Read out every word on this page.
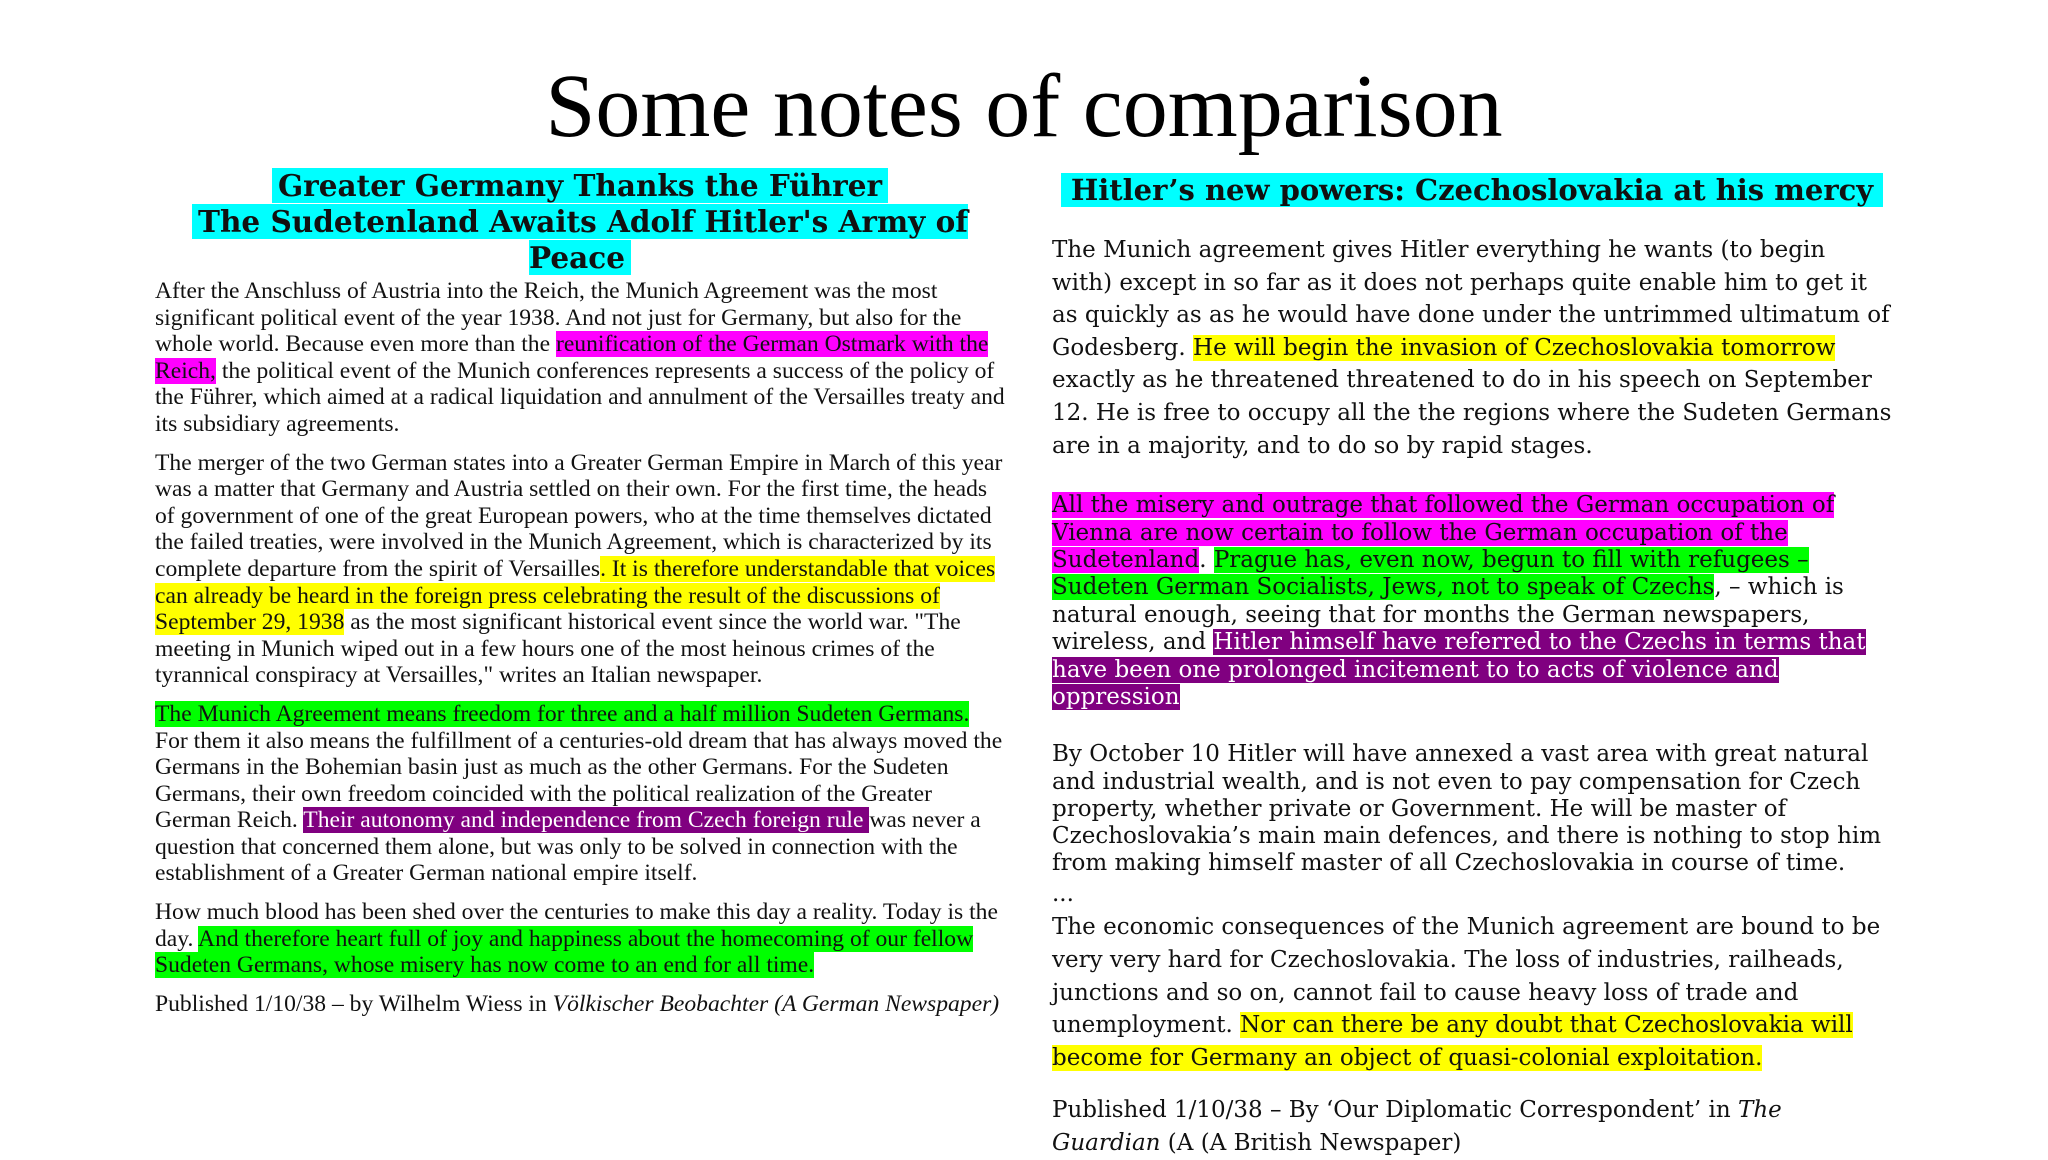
Some notes of comparison
Greater Germany Thanks the Führer
The Sudetenland Awaits Adolf Hitler's Army of Peace

After the Anschluss of Austria into the Reich, the Munich Agreement was the most significant political event of the year 1938. And not just for Germany, but also for the whole world. Because even more than the reunification of the German Ostmark with the Reich, the political event of the Munich conferences represents a success of the policy of the Führer, which aimed at a radical liquidation and annulment of the Versailles treaty and its subsidiary agreements.

The merger of the two German states into a Greater German Empire in March of this year was a matter that Germany and Austria settled on their own. For the first time, the heads of government of one of the great European powers, who at the time themselves dictated the failed treaties, were involved in the Munich Agreement, which is characterized by its complete departure from the spirit of Versailles. It is therefore understandable that voices can already be heard in the foreign press celebrating the result of the discussions of September 29, 1938 as the most significant historical event since the world war. "The meeting in Munich wiped out in a few hours one of the most heinous crimes of the tyrannical conspiracy at Versailles," writes an Italian newspaper.

The Munich Agreement means freedom for three and a half million Sudeten Germans. For them it also means the fulfillment of a centuries-old dream that has always moved the Germans in the Bohemian basin just as much as the other Germans. For the Sudeten Germans, their own freedom coincided with the political realization of the Greater German Reich. Their autonomy and independence from Czech foreign rule was never a question that concerned them alone, but was only to be solved in connection with the establishment of a Greater German national empire itself.

How much blood has been shed over the centuries to make this day a reality. Today is the day. And therefore heart full of joy and happiness about the homecoming of our fellow Sudeten Germans, whose misery has now come to an end for all time.

Published 1/10/38 – by Wilhelm Wiess in Völkischer Beobachter (A German Newspaper)

Hitler’s new powers: Czechoslovakia at his mercy

The Munich agreement gives Hitler everything he wants (to begin with) except in so far as it does not perhaps quite enable him to get it as quickly as as he would have done under the untrimmed ultimatum of Godesberg. He will begin the invasion of Czechoslovakia tomorrow exactly as he threatened threatened to do in his speech on September 12. He is free to occupy all the the regions where the Sudeten Germans are in a majority, and to do so by rapid stages.

All the misery and outrage that followed the German occupation of Vienna are now certain to follow the German occupation of the Sudetenland. Prague has, even now, begun to fill with refugees – Sudeten German Socialists, Jews, not to speak of Czechs, – which is natural enough, seeing that for months the German newspapers, wireless, and Hitler himself have referred to the Czechs in terms that have been one prolonged incitement to to acts of violence and oppression

By October 10 Hitler will have annexed a vast area with great natural and industrial wealth, and is not even to pay compensation for Czech property, whether private or Government. He will be master of Czechoslovakia’s main main defences, and there is nothing to stop him from making himself master of all Czechoslovakia in course of time.

...

The economic consequences of the Munich agreement are bound to be very very hard for Czechoslovakia. The loss of industries, railheads, junctions and so on, cannot fail to cause heavy loss of trade and unemployment. Nor can there be any doubt that Czechoslovakia will become for Germany an object of quasi-colonial exploitation.

Published 1/10/38 – By ‘Our Diplomatic Correspondent’ in The Guardian (A (A British Newspaper)
